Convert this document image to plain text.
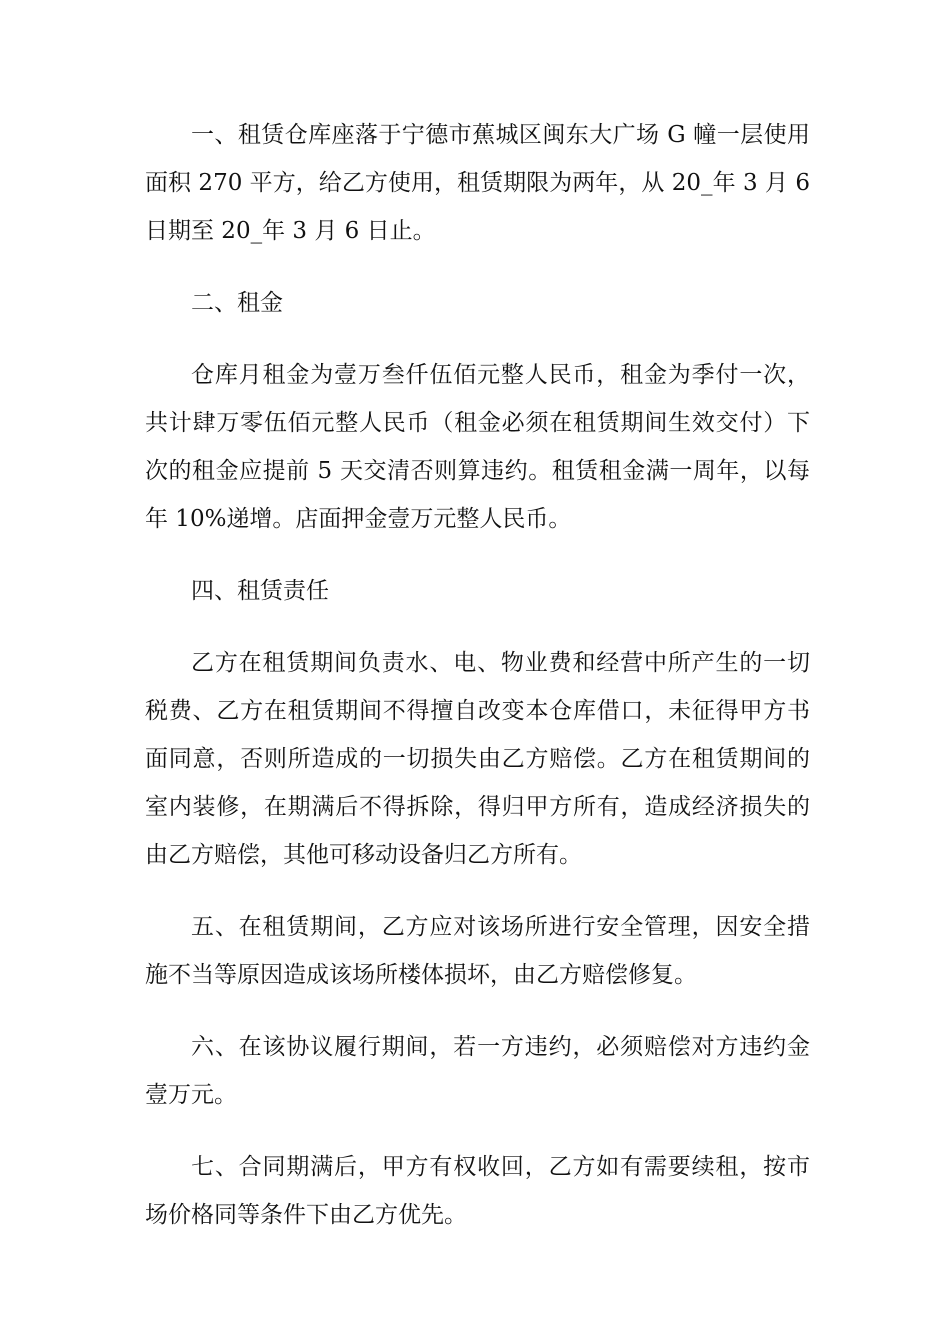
一、租赁仓库座落于宁德市蕉城区闽东大广场 G 幢一层使用面积 270 平方，给乙方使用，租赁期限为两年，从 20_年 3 月 6 日期至 20_年 3 月 6 日止。

二、租金

仓库月租金为壹万叁仟伍佰元整人民币，租金为季付一次，共计肆万零伍佰元整人民币（租金必须在租赁期间生效交付）下次的租金应提前 5 天交清否则算违约。租赁租金满一周年，以每年 10%递增。店面押金壹万元整人民币。

四、租赁责任

乙方在租赁期间负责水、电、物业费和经营中所产生的一切税费、乙方在租赁期间不得擅自改变本仓库借口，未征得甲方书面同意，否则所造成的一切损失由乙方赔偿。乙方在租赁期间的室内装修，在期满后不得拆除，得归甲方所有，造成经济损失的由乙方赔偿，其他可移动设备归乙方所有。

五、在租赁期间，乙方应对该场所进行安全管理，因安全措施不当等原因造成该场所楼体损坏，由乙方赔偿修复。

六、在该协议履行期间，若一方违约，必须赔偿对方违约金壹万元。

七、合同期满后，甲方有权收回，乙方如有需要续租，按市场价格同等条件下由乙方优先。
